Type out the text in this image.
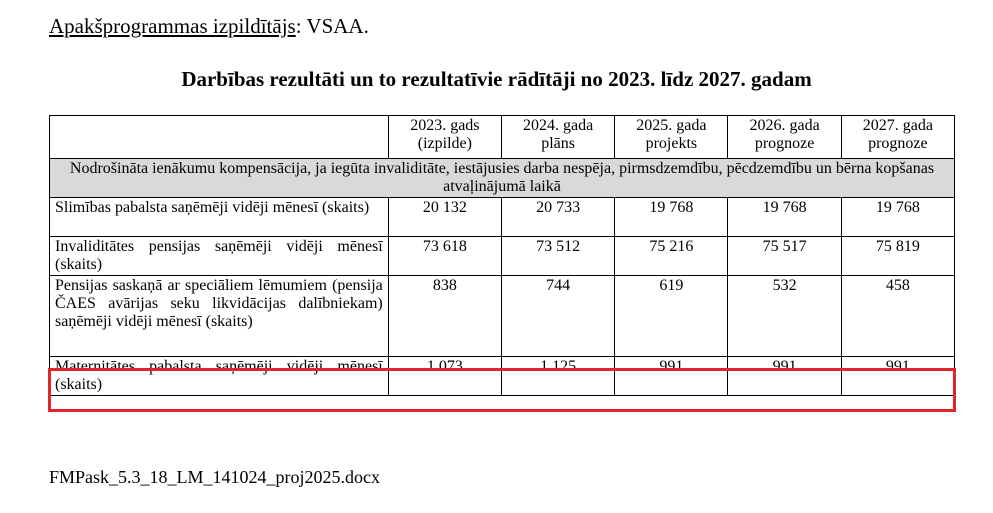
Apakšprogrammas izpildītājs: VSAA.
Darbības rezultāti un to rezultatīvie rādītāji no 2023. līdz 2027. gadam
	2023. gads (izpilde)	2024. gada plāns	2025. gada projekts	2026. gada prognoze	2027. gada prognoze
Nodrošināta ienākumu kompensācija, ja iegūta invaliditāte, iestājusies darba nespēja, pirmsdzemdību, pēcdzemdību un bērna kopšanas atvaļinājumā laikā					
Slimības pabalsta saņēmēji vidēji mēnesī (skaits)	20 132	20 733	19 768	19 768	19 768
Invaliditātes pensijas saņēmēji vidēji mēnesī (skaits)	73 618	73 512	75 216	75 517	75 819
Pensijas saskaņā ar speciāliem lēmumiem (pensija ČAES avārijas seku likvidācijas dalībniekam) saņēmēji vidēji mēnesī (skaits)	838	744	619	532	458
Maternitātes pabalsta saņēmēji vidēji mēnesī (skaits)	1 073	1 125	991	991	991
FMPask_5.3_18_LM_141024_proj2025.docx
